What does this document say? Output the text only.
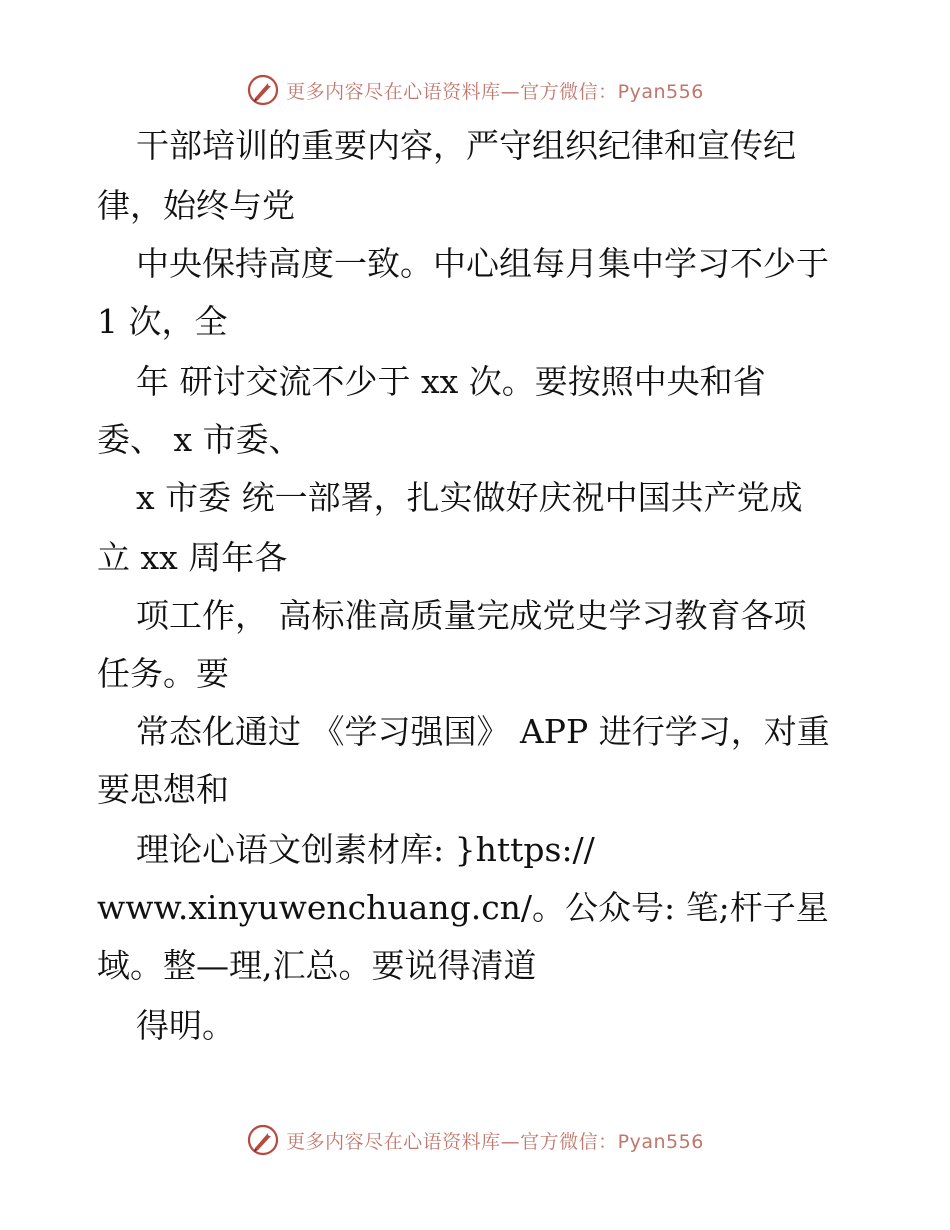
更多内容尽在心语资料库—官方微信：Pyan556
干部培训的重要内容，严守组织纪律和宣传纪
律，始终与党
中央保持高度一致。中心组每月集中学习不少于
1 次，全
年 研讨交流不少于 xx 次。要按照中央和省
委、 x 市委、
x 市委 统一部署，扎实做好庆祝中国共产党成
立 xx 周年各
项工作， 高标准高质量完成党史学习教育各项
任务。要
常态化通过 《学习强国》 APP 进行学习，对重
要思想和
理论心语文创素材库: }https://
www.xinyuwenchuang.cn/。公众号: 笔;杆子星
域。整—理,汇总。要说得清道
得明。
更多内容尽在心语资料库—官方微信：Pyan556
